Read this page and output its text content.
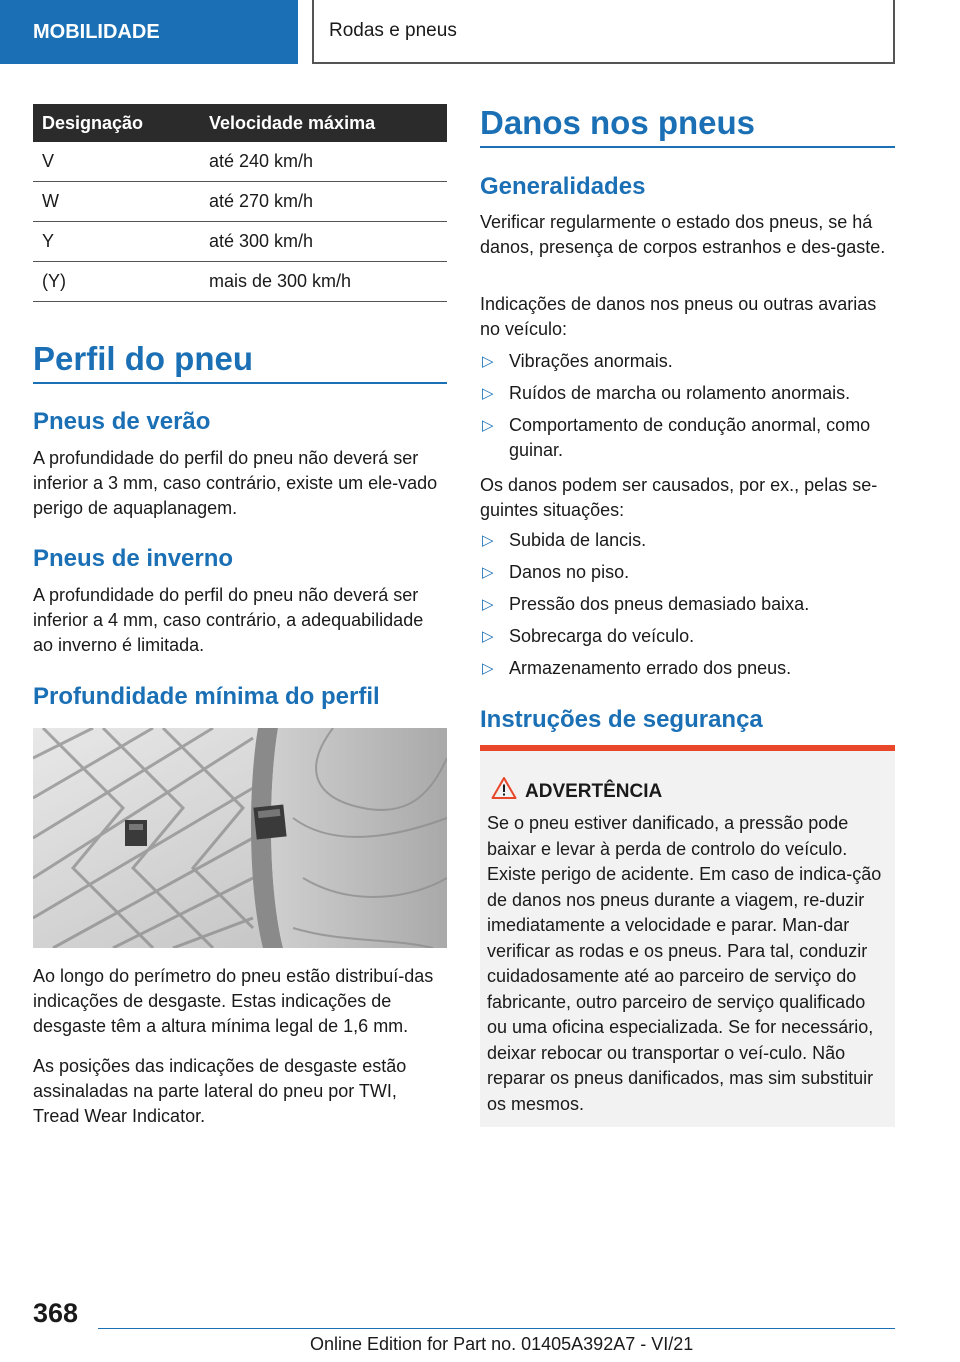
MOBILIDADE	Rodas e pneus
Designação	Velocidade máxima
V	até 240 km/h
W	até 270 km/h
Y	até 300 km/h
(Y)	mais de 300 km/h
Perfil do pneu
Pneus de verão

A profundidade do perfil do pneu não deverá ser inferior a 3 mm, caso contrário, existe um ele-vado perigo de aquaplanagem.

Pneus de inverno

A profundidade do perfil do pneu não deverá ser inferior a 4 mm, caso contrário, a adequabilidade ao inverno é limitada.

Profundidade mínima do perfil

Ao longo do perímetro do pneu estão distribuí-das indicações de desgaste. Estas indicações de desgaste têm a altura mínima legal de 1,6 mm.

As posições das indicações de desgaste estão assinaladas na parte lateral do pneu por TWI, Tread Wear Indicator.

Danos nos pneus
Generalidades

Verificar regularmente o estado dos pneus, se há danos, presença de corpos estranhos e des-gaste.

Indicações de danos nos pneus ou outras avarias no veículo:

▷ Vibrações anormais.
▷ Ruídos de marcha ou rolamento anormais.
▷ Comportamento de condução anormal, como guinar.

Os danos podem ser causados, por ex., pelas se-guintes situações:

▷ Subida de lancis.
▷ Danos no piso.
▷ Pressão dos pneus demasiado baixa.
▷ Sobrecarga do veículo.
▷ Armazenamento errado dos pneus.
Instruções de segurança
ADVERTÊNCIA

Se o pneu estiver danificado, a pressão pode baixar e levar à perda de controlo do veículo. Existe perigo de acidente. Em caso de indica-ção de danos nos pneus durante a viagem, re-duzir imediatamente a velocidade e parar. Man-dar verificar as rodas e os pneus. Para tal, conduzir cuidadosamente até ao parceiro de serviço do fabricante, outro parceiro de serviço qualificado ou uma oficina especializada. Se for necessário, deixar rebocar ou transportar o veí-culo. Não reparar os pneus danificados, mas sim substituir os mesmos.

368
Online Edition for Part no. 01405A392A7 - VI/21
